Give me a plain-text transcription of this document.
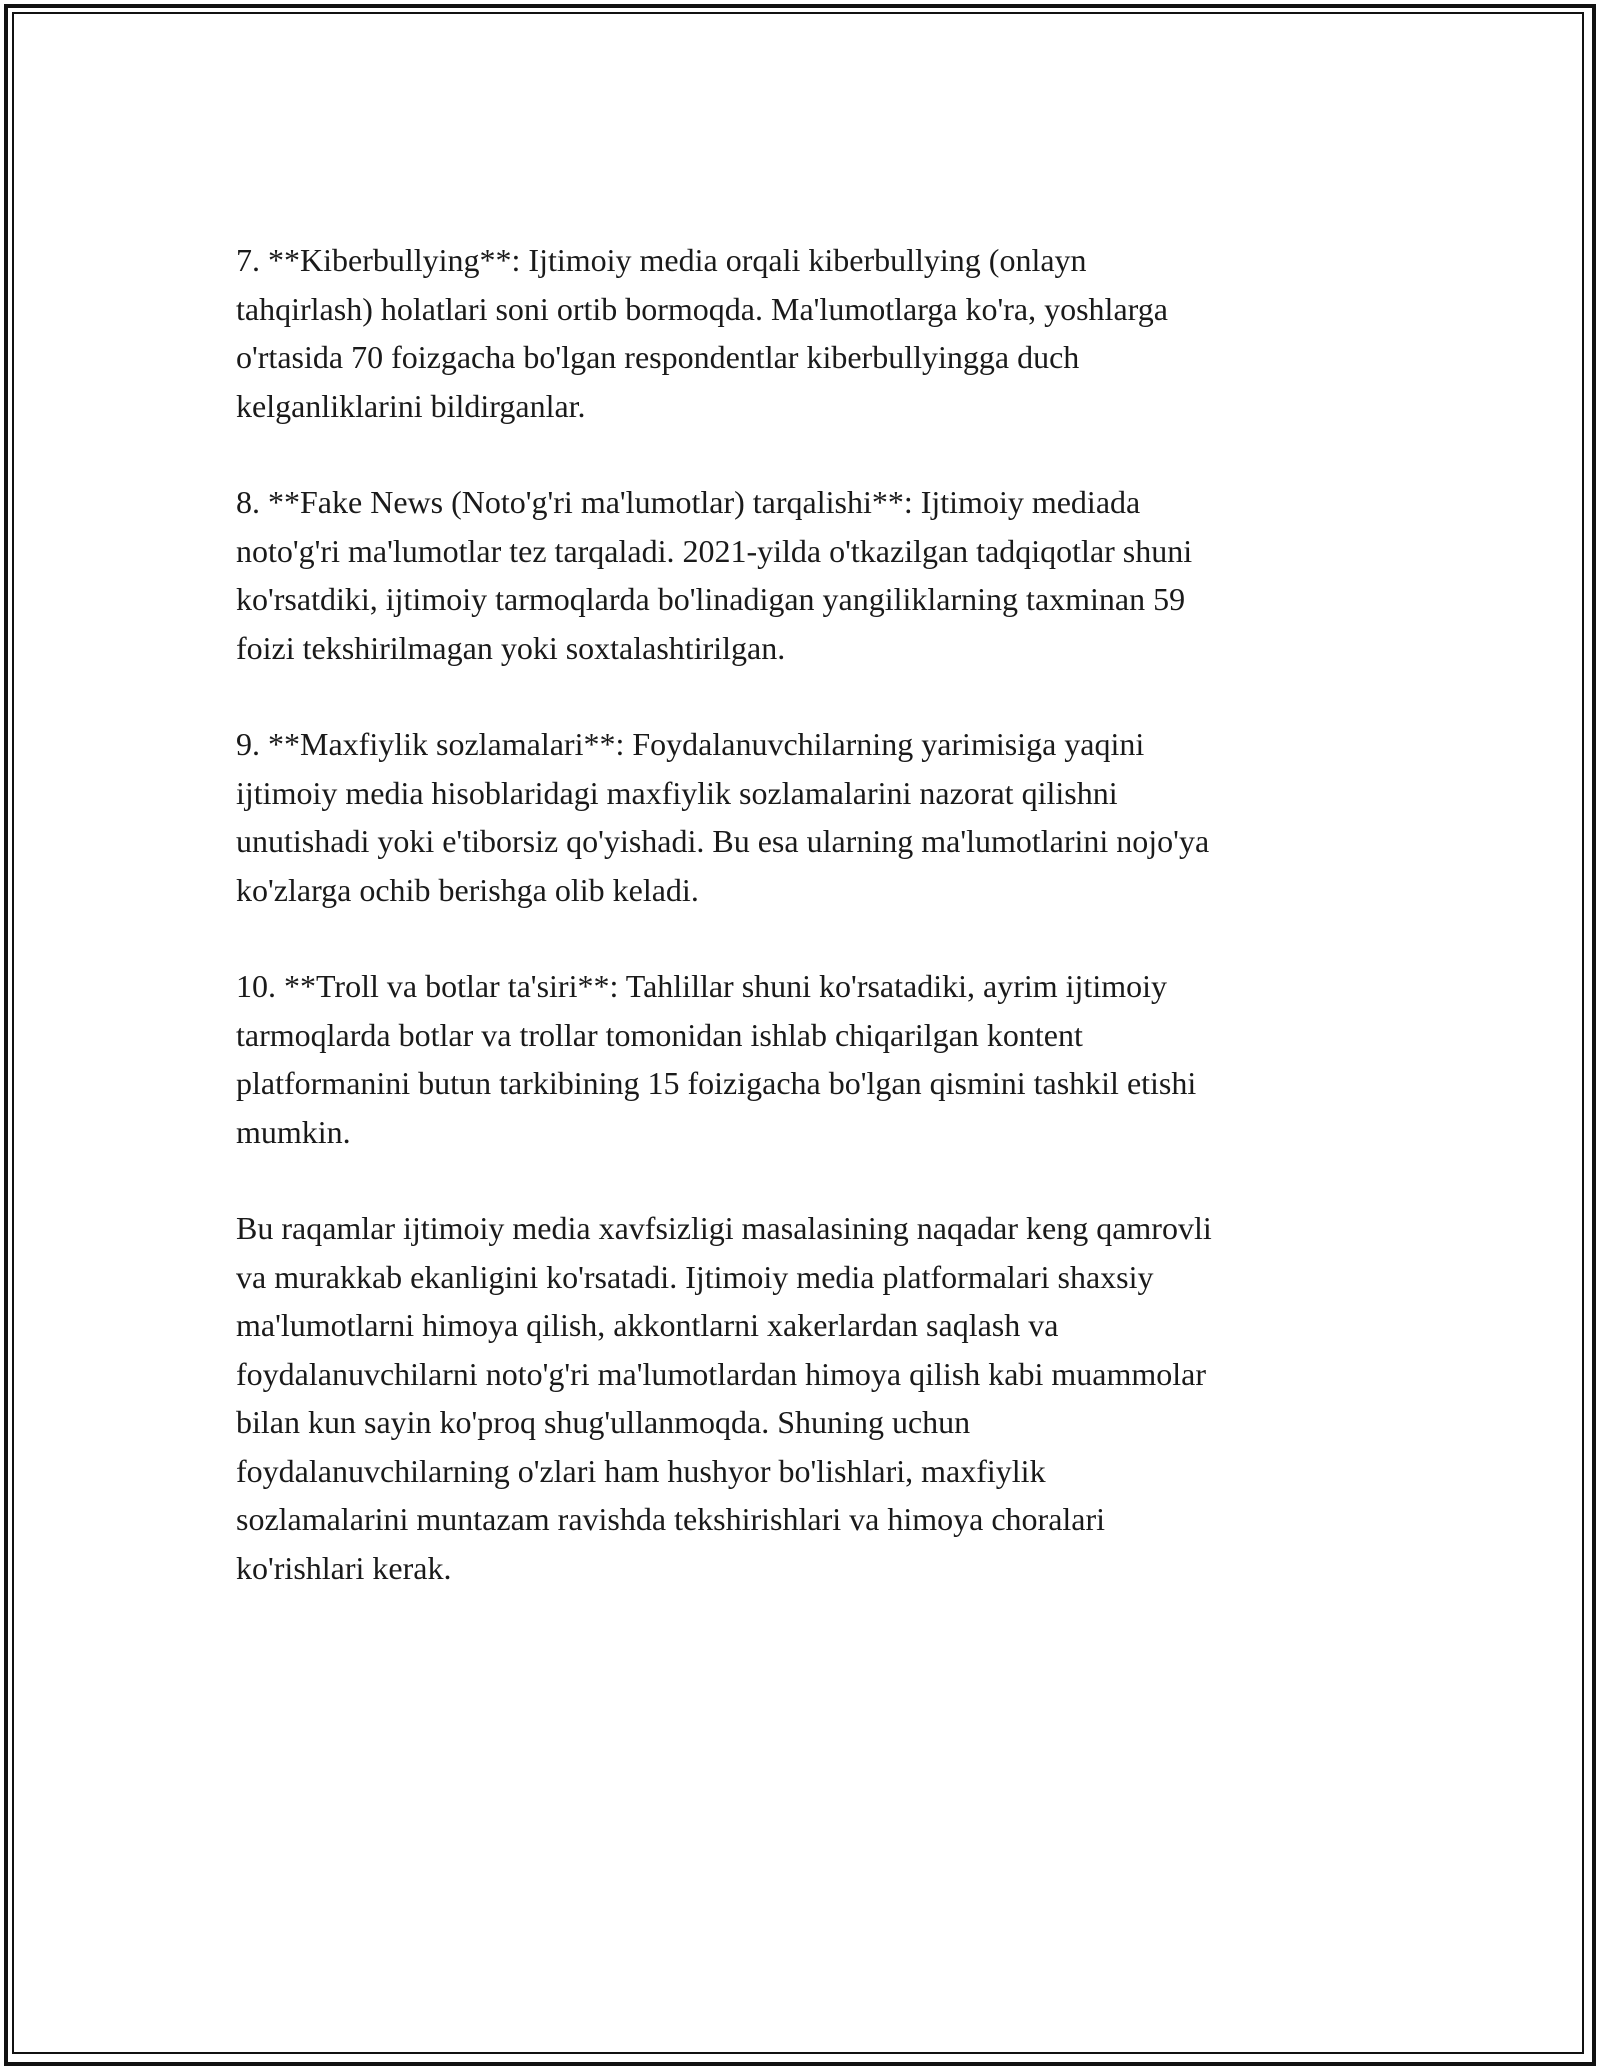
7. **Kiberbullying**: Ijtimoiy media orqali kiberbullying (onlayn
tahqirlash) holatlari soni ortib bormoqda. Ma'lumotlarga ko'ra, yoshlarga
o'rtasida 70 foizgacha bo'lgan respondentlar kiberbullyingga duch
kelganliklarini bildirganlar.

8. **Fake News (Noto'g'ri ma'lumotlar) tarqalishi**: Ijtimoiy mediada
noto'g'ri ma'lumotlar tez tarqaladi. 2021-yilda o'tkazilgan tadqiqotlar shuni
ko'rsatdiki, ijtimoiy tarmoqlarda bo'linadigan yangiliklarning taxminan 59
foizi tekshirilmagan yoki soxtalashtirilgan.

9. **Maxfiylik sozlamalari**: Foydalanuvchilarning yarimisiga yaqini
ijtimoiy media hisoblaridagi maxfiylik sozlamalarini nazorat qilishni
unutishadi yoki e'tiborsiz qo'yishadi. Bu esa ularning ma'lumotlarini nojo'ya
ko'zlarga ochib berishga olib keladi.

10. **Troll va botlar ta'siri**: Tahlillar shuni ko'rsatadiki, ayrim ijtimoiy
tarmoqlarda botlar va trollar tomonidan ishlab chiqarilgan kontent
platformanini butun tarkibining 15 foizigacha bo'lgan qismini tashkil etishi
mumkin.

Bu raqamlar ijtimoiy media xavfsizligi masalasining naqadar keng qamrovli
va murakkab ekanligini ko'rsatadi. Ijtimoiy media platformalari shaxsiy
ma'lumotlarni himoya qilish, akkontlarni xakerlardan saqlash va
foydalanuvchilarni noto'g'ri ma'lumotlardan himoya qilish kabi muammolar
bilan kun sayin ko'proq shug'ullanmoqda. Shuning uchun
foydalanuvchilarning o'zlari ham hushyor bo'lishlari, maxfiylik
sozlamalarini muntazam ravishda tekshirishlari va himoya choralari
ko'rishlari kerak.
